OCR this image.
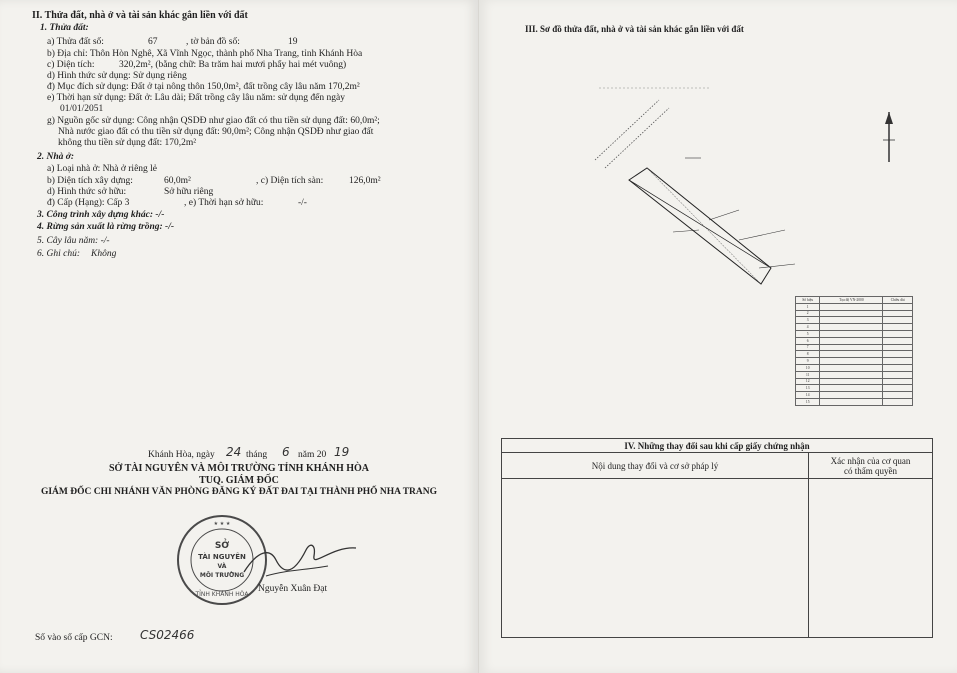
II. Thửa đất, nhà ở và tài sản khác gắn liền với đất
1. Thửa đất:
a) Thửa đất số:	67	, tờ bản đồ số:	19
b) Địa chỉ: Thôn Hòn Nghê, Xã Vĩnh Ngọc, thành phố Nha Trang, tỉnh Khánh Hòa
c) Diện tích:	320,2m², (bằng chữ: Ba trăm hai mươi phẩy hai mét vuông)
d) Hình thức sử dụng: Sử dụng riêng
đ) Mục đích sử dụng: Đất ở tại nông thôn 150,0m², đất trồng cây lâu năm 170,2m²
e) Thời hạn sử dụng: Đất ở: Lâu dài; Đất trồng cây lâu năm: sử dụng đến ngày
01/01/2051
g) Nguồn gốc sử dụng: Công nhận QSDĐ như giao đất có thu tiền sử dụng đất: 60,0m²;
Nhà nước giao đất có thu tiền sử dụng đất: 90,0m²; Công nhận QSDĐ như giao đất
không thu tiền sử dụng đất: 170,2m²
2. Nhà ở:
a) Loại nhà ở: Nhà ở riêng lẻ
b) Diện tích xây dựng:	60,0m²	, c) Diện tích sàn:	126,0m²
d) Hình thức sở hữu:	Sở hữu riêng
đ) Cấp (Hạng): Cấp 3	, e) Thời hạn sở hữu:	-/-
3. Công trình xây dựng khác: -/-
4. Rừng sản xuất là rừng trồng: -/-
5. Cây lâu năm: -/-
6. Ghi chú: Không
Khánh Hòa, ngày 24 tháng 6 năm 20 19
SỞ TÀI NGUYÊN VÀ MÔI TRƯỜNG TỈNH KHÁNH HÒA
TUQ. GIÁM ĐỐC
GIÁM ĐỐC CHI NHÁNH VĂN PHÒNG ĐĂNG KÝ ĐẤT ĐAI TẠI THÀNH PHỐ NHA TRANG
TỈNH KHÁNH HÒA
SỞ
TÀI NGUYÊN
VÀ
MÔI TRƯỜNG
★ ★ ★
Nguyễn Xuân Đạt
Số vào sổ cấp GCN: CS02466
III. Sơ đồ thửa đất, nhà ở và tài sản khác gắn liền với đất
Số hiệu	Tọa độ VN-2000	Chiều dài
1		
2		
3		
4		
5		
6		
7		
8		
9		
10		
11		
12		
13		
14		
15		
IV. Những thay đổi sau khi cấp giấy chứng nhận	
Nội dung thay đổi và cơ sở pháp lý	Xác nhận của cơ quan
có thẩm quyền
